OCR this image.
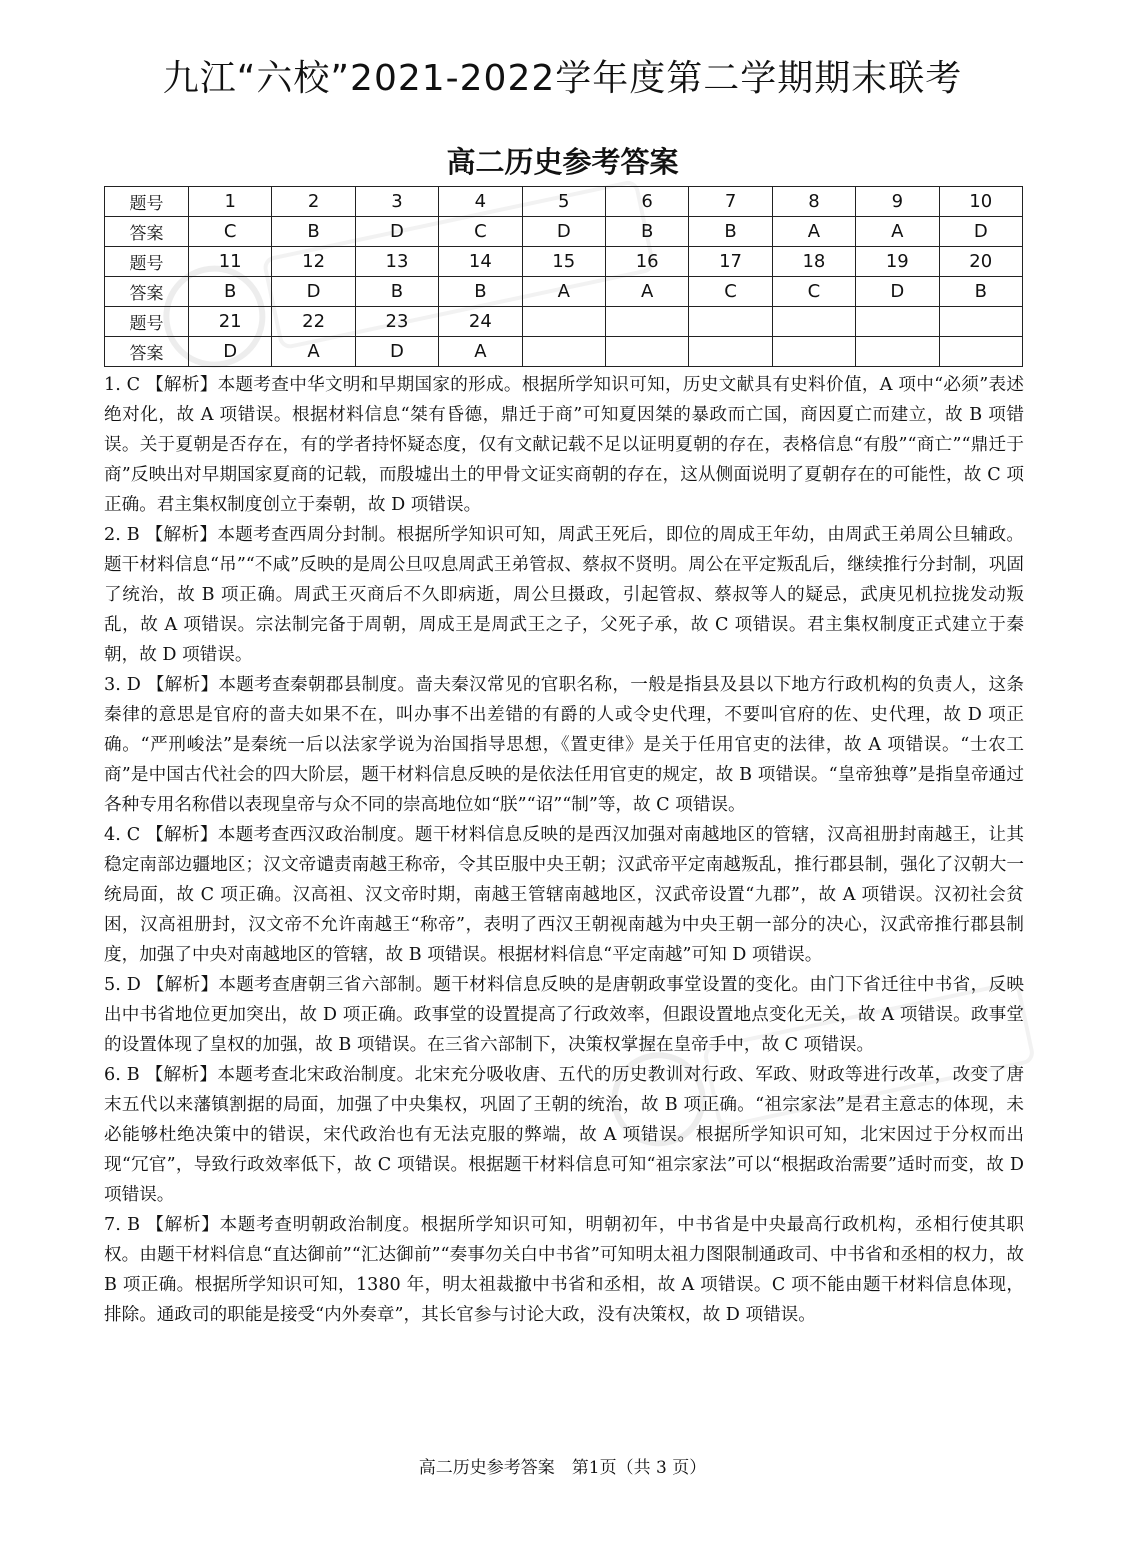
九江“六校”2021-2022学年度第二学期期末联考
高二历史参考答案
题号	1	2	3	4	5	6	7	8	9	10
答案	C	B	D	C	D	B	B	A	A	D
题号	11	12	13	14	15	16	17	18	19	20
答案	B	D	B	B	A	A	C	C	D	B
题号	21	22	23	24						
答案	D	A	D	A						

1. C 【解析】本题考查中华文明和早期国家的形成。根据所学知识可知，历史文献具有史料价值，A 项中“必须”表述绝对化，故 A 项错误。根据材料信息“桀有昏德，鼎迁于商”可知夏因桀的暴政而亡国，商因夏亡而建立，故 B 项错误。关于夏朝是否存在，有的学者持怀疑态度，仅有文献记载不足以证明夏朝的存在，表格信息“有殷”“商亡”“鼎迁于商”反映出对早期国家夏商的记载，而殷墟出土的甲骨文证实商朝的存在，这从侧面说明了夏朝存在的可能性，故 C 项正确。君主集权制度创立于秦朝，故 D 项错误。

2. B 【解析】本题考查西周分封制。根据所学知识可知，周武王死后，即位的周成王年幼，由周武王弟周公旦辅政。题干材料信息“吊”“不咸”反映的是周公旦叹息周武王弟管叔、蔡叔不贤明。周公在平定叛乱后，继续推行分封制，巩固了统治，故 B 项正确。周武王灭商后不久即病逝，周公旦摄政，引起管叔、蔡叔等人的疑忌，武庚见机拉拢发动叛乱，故 A 项错误。宗法制完备于周朝，周成王是周武王之子，父死子承，故 C 项错误。君主集权制度正式建立于秦朝，故 D 项错误。

3. D 【解析】本题考查秦朝郡县制度。啬夫秦汉常见的官职名称，一般是指县及县以下地方行政机构的负责人，这条秦律的意思是官府的啬夫如果不在，叫办事不出差错的有爵的人或令史代理，不要叫官府的佐、史代理，故 D 项正确。“严刑峻法”是秦统一后以法家学说为治国指导思想，《置吏律》是关于任用官吏的法律，故 A 项错误。“士农工商”是中国古代社会的四大阶层，题干材料信息反映的是依法任用官吏的规定，故 B 项错误。“皇帝独尊”是指皇帝通过各种专用名称借以表现皇帝与众不同的崇高地位如“朕”“诏”“制”等，故 C 项错误。

4. C 【解析】本题考查西汉政治制度。题干材料信息反映的是西汉加强对南越地区的管辖，汉高祖册封南越王，让其稳定南部边疆地区；汉文帝谴责南越王称帝，令其臣服中央王朝；汉武帝平定南越叛乱，推行郡县制，强化了汉朝大一统局面，故 C 项正确。汉高祖、汉文帝时期，南越王管辖南越地区，汉武帝设置“九郡”，故 A 项错误。汉初社会贫困，汉高祖册封，汉文帝不允许南越王“称帝”，表明了西汉王朝视南越为中央王朝一部分的决心，汉武帝推行郡县制度，加强了中央对南越地区的管辖，故 B 项错误。根据材料信息“平定南越”可知 D 项错误。

5. D 【解析】本题考查唐朝三省六部制。题干材料信息反映的是唐朝政事堂设置的变化。由门下省迁往中书省，反映出中书省地位更加突出，故 D 项正确。政事堂的设置提高了行政效率，但跟设置地点变化无关，故 A 项错误。政事堂的设置体现了皇权的加强，故 B 项错误。在三省六部制下，决策权掌握在皇帝手中，故 C 项错误。

6. B 【解析】本题考查北宋政治制度。北宋充分吸收唐、五代的历史教训对行政、军政、财政等进行改革，改变了唐末五代以来藩镇割据的局面，加强了中央集权，巩固了王朝的统治，故 B 项正确。“祖宗家法”是君主意志的体现，未必能够杜绝决策中的错误，宋代政治也有无法克服的弊端，故 A 项错误。根据所学知识可知，北宋因过于分权而出现“冗官”，导致行政效率低下，故 C 项错误。根据题干材料信息可知“祖宗家法”可以“根据政治需要”适时而变，故 D 项错误。

7. B 【解析】本题考查明朝政治制度。根据所学知识可知，明朝初年，中书省是中央最高行政机构，丞相行使其职权。由题干材料信息“直达御前”“汇达御前”“奏事勿关白中书省”可知明太祖力图限制通政司、中书省和丞相的权力，故 B 项正确。根据所学知识可知，1380 年，明太祖裁撤中书省和丞相，故 A 项错误。C 项不能由题干材料信息体现，排除。通政司的职能是接受“内外奏章”，其长官参与讨论大政，没有决策权，故 D 项错误。

高二历史参考答案　第1页（共 3 页）
